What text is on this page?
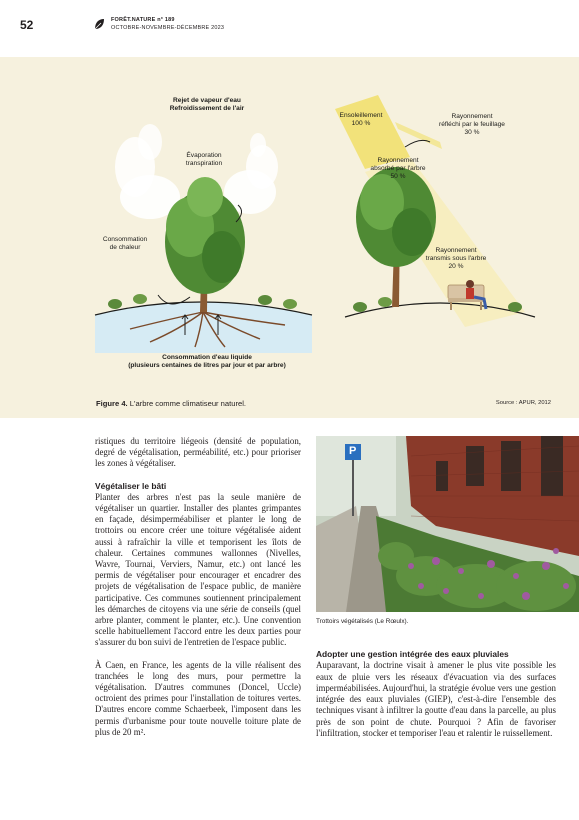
52	FORÊT.NATURE n° 189
OCTOBRE-NOVEMBRE-DÉCEMBRE 2023
Rejet de vapeur d'eau
Refroidissement de l'air
Évaporation
transpiration
Consommation
de chaleur
Consommation d'eau liquide
(plusieurs centaines de litres par jour et par arbre)
Ensoleillement
100 %
Rayonnement
réfléchi par le feuillage
30 %
Rayonnement
absorbé par l'arbre
50 %
Rayonnement
transmis sous l'arbre
20 %
Figure 4. L'arbre comme climatiseur naturel.	Source : APUR, 2012

ristiques du territoire liégeois (densité de population, degré de végétalisation, perméabilité, etc.) pour prioriser les zones à végétaliser.

Végétaliser le bâti

Planter des arbres n'est pas la seule manière de végétaliser un quartier. Installer des plantes grimpantes en façade, désimperméabiliser et planter le long de trottoirs ou encore créer une toiture végétalisée aident aussi à rafraîchir la ville et temporisent les îlots de chaleur. Certaines communes wallonnes (Nivelles, Wavre, Tournai, Verviers, Namur, etc.) ont lancé les permis de végétaliser pour encourager et encadrer des projets de végétalisation de l'espace public, de manière participative. Ces communes soutiennent principalement les démarches de citoyens via une série de conseils (quel arbre planter, comment le planter, etc.). Une convention scelle habituellement l'accord entre les deux parties pour s'assurer du bon suivi de l'entretien de l'espace public.

À Caen, en France, les agents de la ville réalisent des tranchées le long des murs, pour permettre la végétalisation. D'autres communes (Doncel, Uccle) octroient des primes pour l'installation de toitures vertes. D'autres encore comme Schaerbeek, l'imposent dans les permis d'urbanisme pour toute nouvelle toiture plate de plus de 20 m².

P
Trottoirs végétalisés (Le Rœulx).
Adopter une gestion intégrée des eaux pluviales

Auparavant, la doctrine visait à amener le plus vite possible les eaux de pluie vers les réseaux d'évacuation via des surfaces imperméabilisées. Aujourd'hui, la stratégie évolue vers une gestion intégrée des eaux pluviales (GIEP), c'est-à-dire l'ensemble des techniques visant à infiltrer la goutte d'eau dans la parcelle, au plus près de son point de chute. Pourquoi ? Afin de favoriser l'infiltration, stocker et temporiser l'eau et ralentir le ruissellement.
